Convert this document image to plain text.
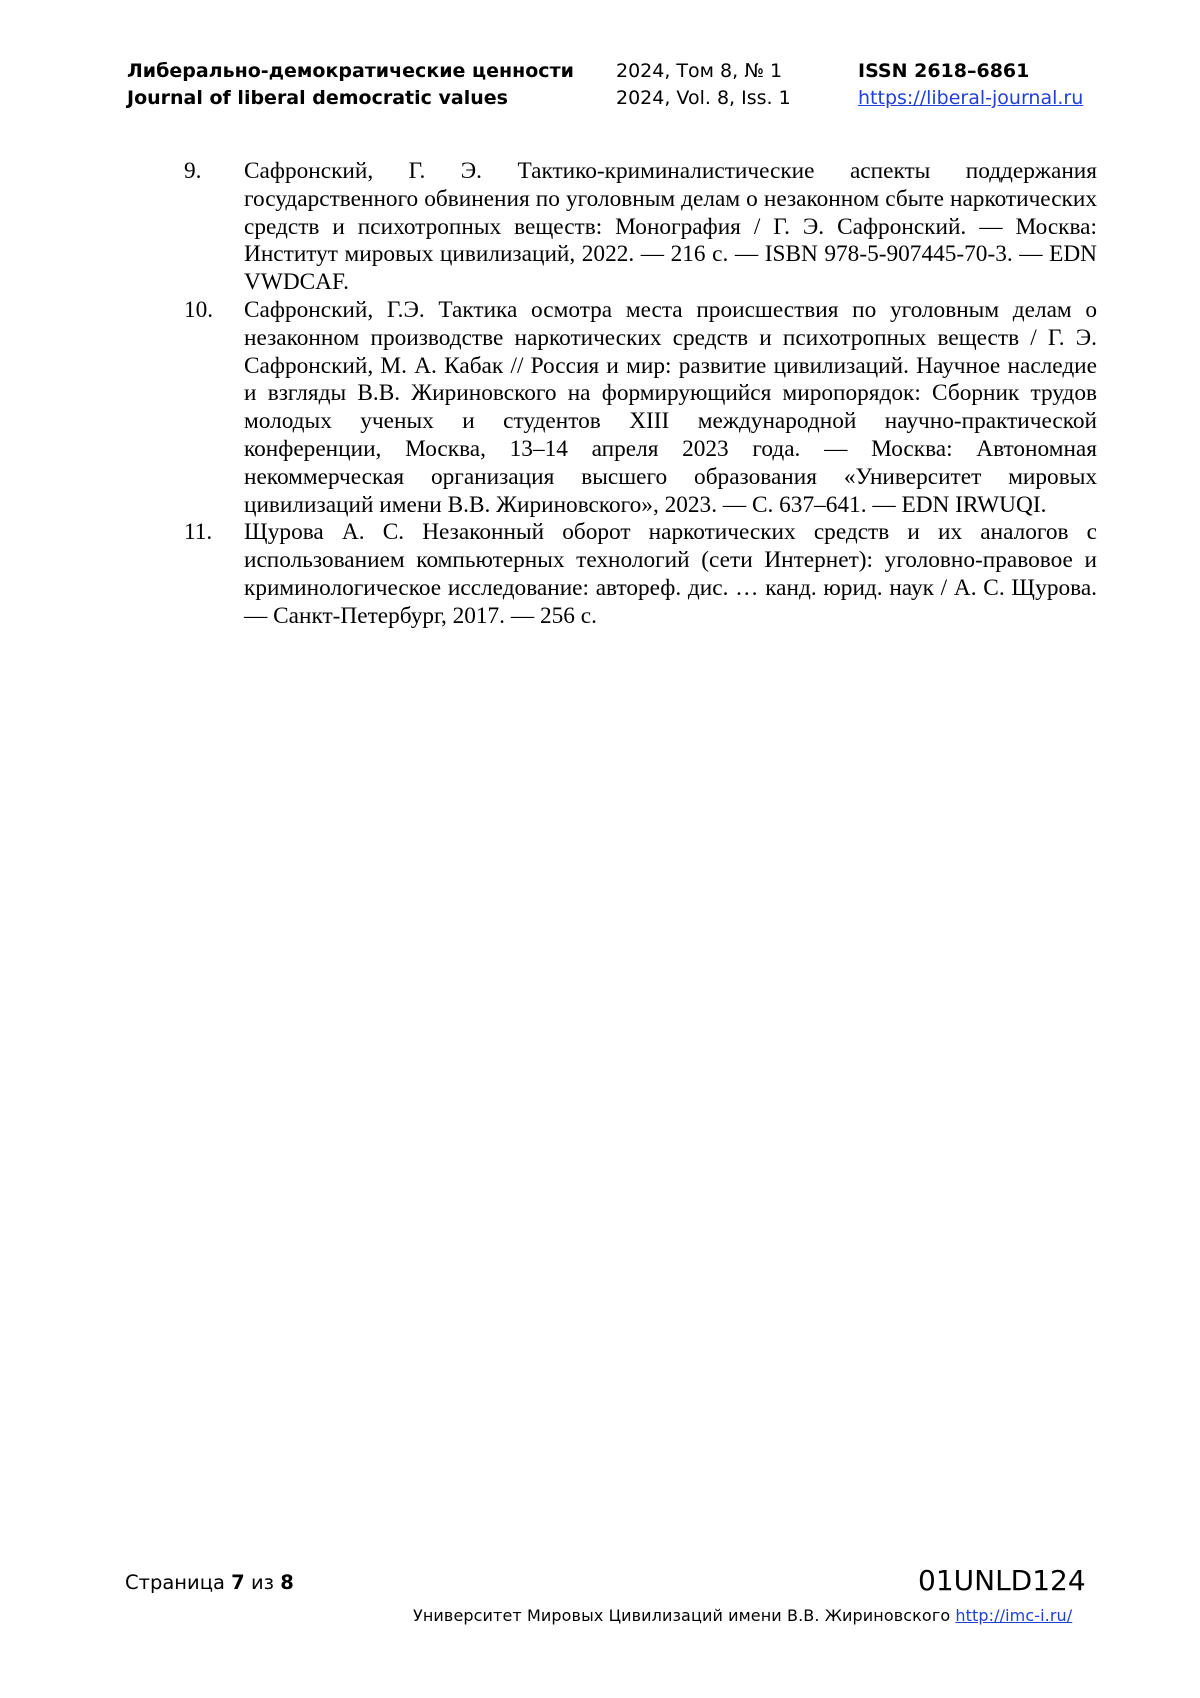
Либерально-демократические ценности
Journal of liberal democratic values
2024, Том 8, № 1
2024, Vol. 8, Iss. 1
ISSN 2618–6861
https://liberal-journal.ru

9. Сафронский, Г. Э. Тактико-криминалистические аспекты поддержания государственного обвинения по уголовным делам о незаконном сбыте наркотических средств и психотропных веществ: Монография / Г. Э. Сафронский. — Москва: Институт мировых цивилизаций, 2022. — 216 с. — ISBN 978-5-907445-70-3. — EDN VWDCAF.

10. Сафронский, Г.Э. Тактика осмотра места происшествия по уголовным делам о незаконном производстве наркотических средств и психотропных веществ / Г. Э. Сафронский, М. А. Кабак // Россия и мир: развитие цивилизаций. Научное наследие и взгляды В.В. Жириновского на формирующийся миропорядок: Сборник трудов молодых ученых и студентов XIII международной научно-практической конференции, Москва, 13–14 апреля 2023 года. — Москва: Автономная некоммерческая организация высшего образования «Университет мировых цивилизаций имени В.В. Жириновского», 2023. — С. 637–641. — EDN IRWUQI.

11. Щурова А. С. Незаконный оборот наркотических средств и их аналогов с использованием компьютерных технологий (сети Интернет): уголовно-правовое и криминологическое исследование: автореф. дис. … канд. юрид. наук / А. С. Щурова. — Санкт-Петербург, 2017. — 256 с.

Страница 7 из 8	01UNLD124
Университет Мировых Цивилизаций имени В.В. Жириновского http://imc-i.ru/
